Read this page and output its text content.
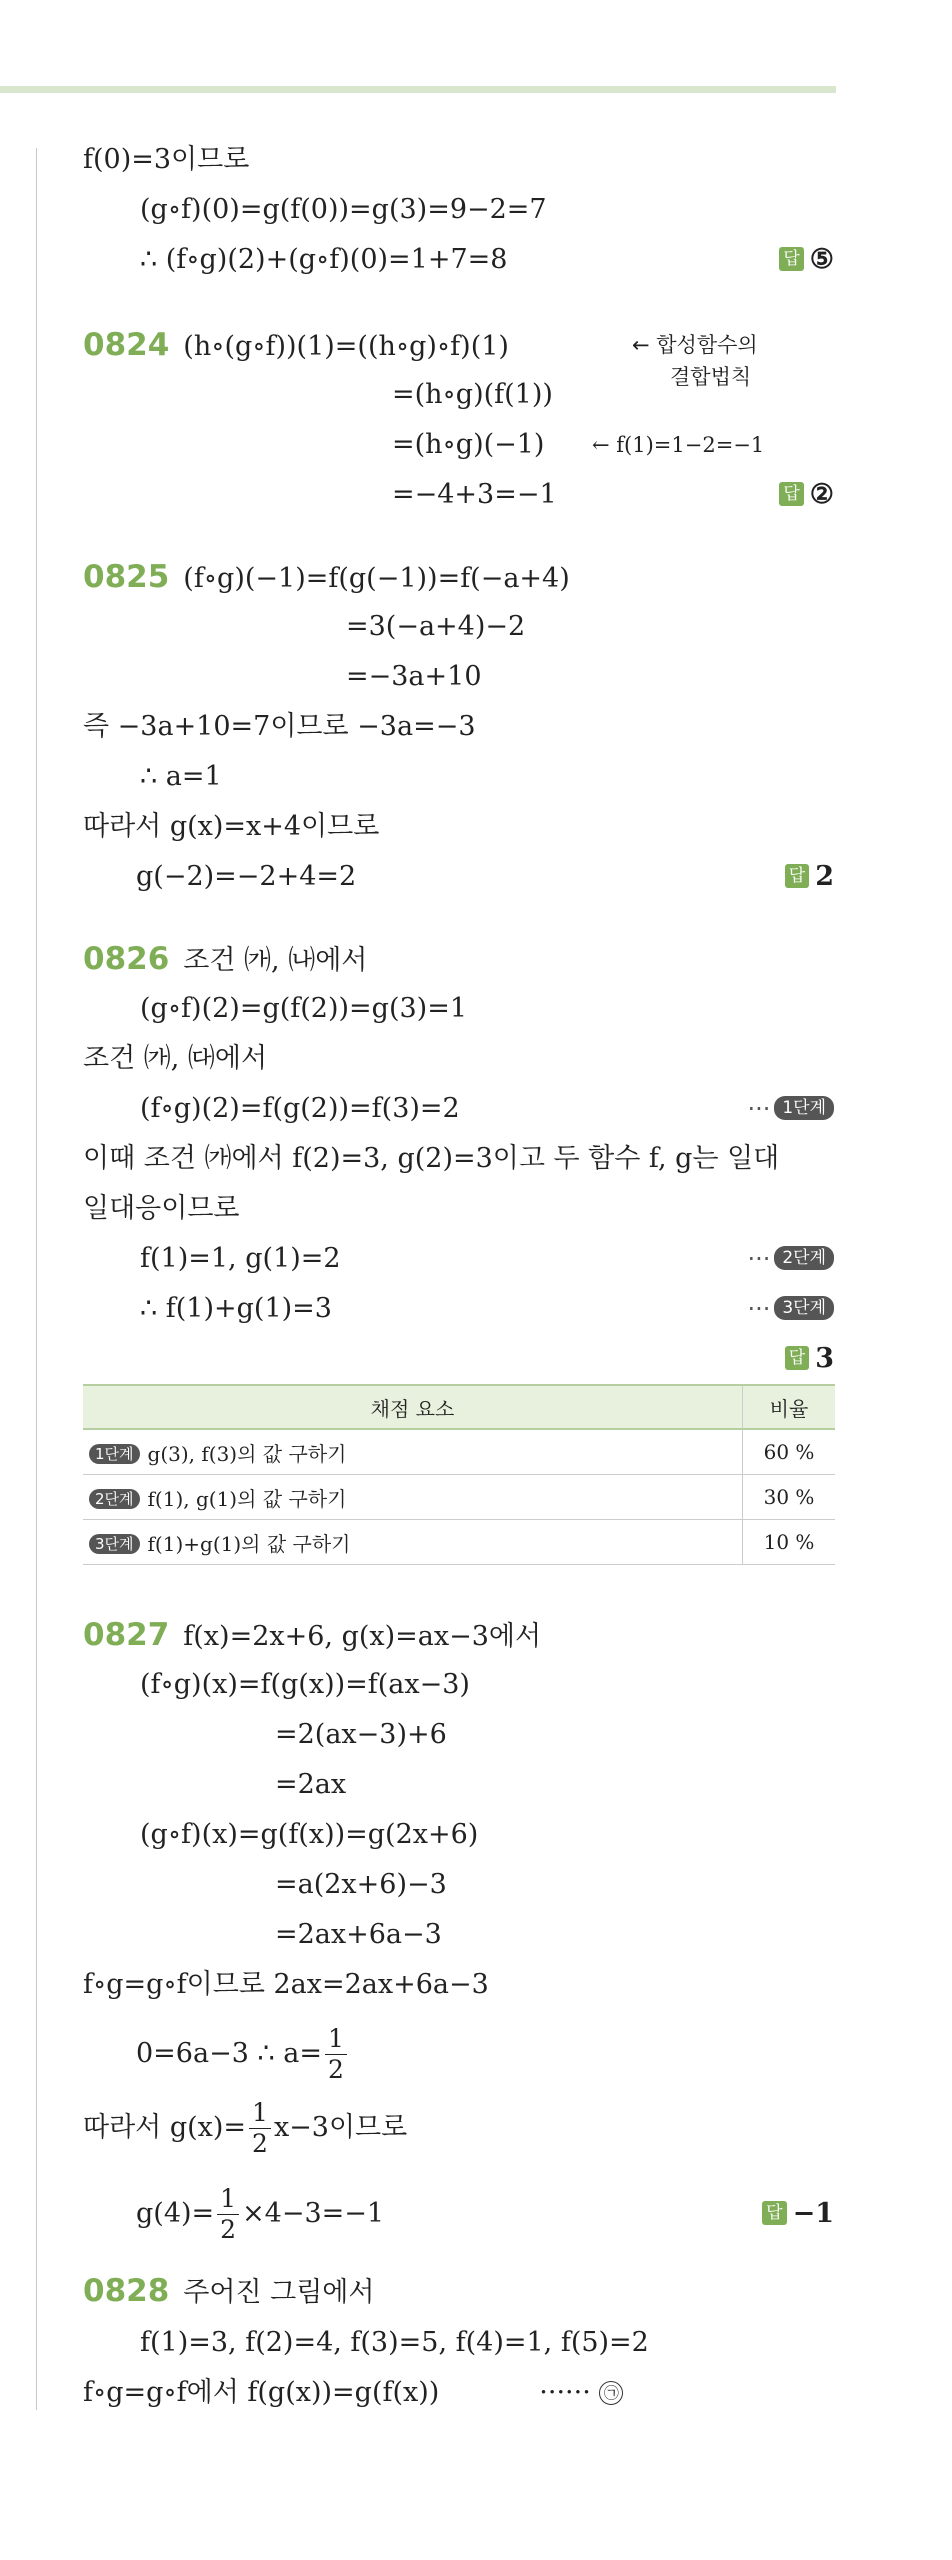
f(0)=3이므로
(g∘f)(0)=g(f(0))=g(3)=9−2=7
∴ (f∘g)(2)+(g∘f)(0)=1+7=8	답 ⑤
0824 (h∘(g∘f))(1)=((h∘g)∘f)(1)	← 합성함수의
결합법칙
=(h∘g)(f(1))
=(h∘g)(−1) ← f(1)=1−2=−1
=−4+3=−1	답 ②
0825 (f∘g)(−1)=f(g(−1))=f(−a+4)
=3(−a+4)−2
=−3a+10
즉 −3a+10=7이므로 −3a=−3
∴ a=1
따라서 g(x)=x+4이므로
g(−2)=−2+4=2	답 2
0826 조건 ㈎, ㈏에서
(g∘f)(2)=g(f(2))=g(3)=1
조건 ㈎, ㈐에서
(f∘g)(2)=f(g(2))=f(3)=2	··· 1단계
이때 조건 ㈎에서 f(2)=3, g(2)=3이고 두 함수 f, g는 일대
일대응이므로
f(1)=1, g(1)=2	··· 2단계
∴ f(1)+g(1)=3	··· 3단계
답 3
채점 요소	비율
1단계 g(3), f(3)의 값 구하기	60 %
2단계 f(1), g(1)의 값 구하기	30 %
3단계 f(1)+g(1)의 값 구하기	10 %
0827 f(x)=2x+6, g(x)=ax−3에서
(f∘g)(x)=f(g(x))=f(ax−3)
=2(ax−3)+6
=2ax
(g∘f)(x)=g(f(x))=g(2x+6)
=a(2x+6)−3
=2ax+6a−3
f∘g=g∘f이므로 2ax=2ax+6a−3
0=6a−3 ∴ $a= \frac{1}{2}$
따라서 $g(x)= \frac{1}{2} x-3$이므로
$g(4)= \frac{1}{2} \times 4-3=-1$	답 −1
0828 주어진 그림에서
f(1)=3, f(2)=4, f(3)=5, f(4)=1, f(5)=2
f∘g=g∘f에서 f(g(x))=g(f(x))	······ ㉠
